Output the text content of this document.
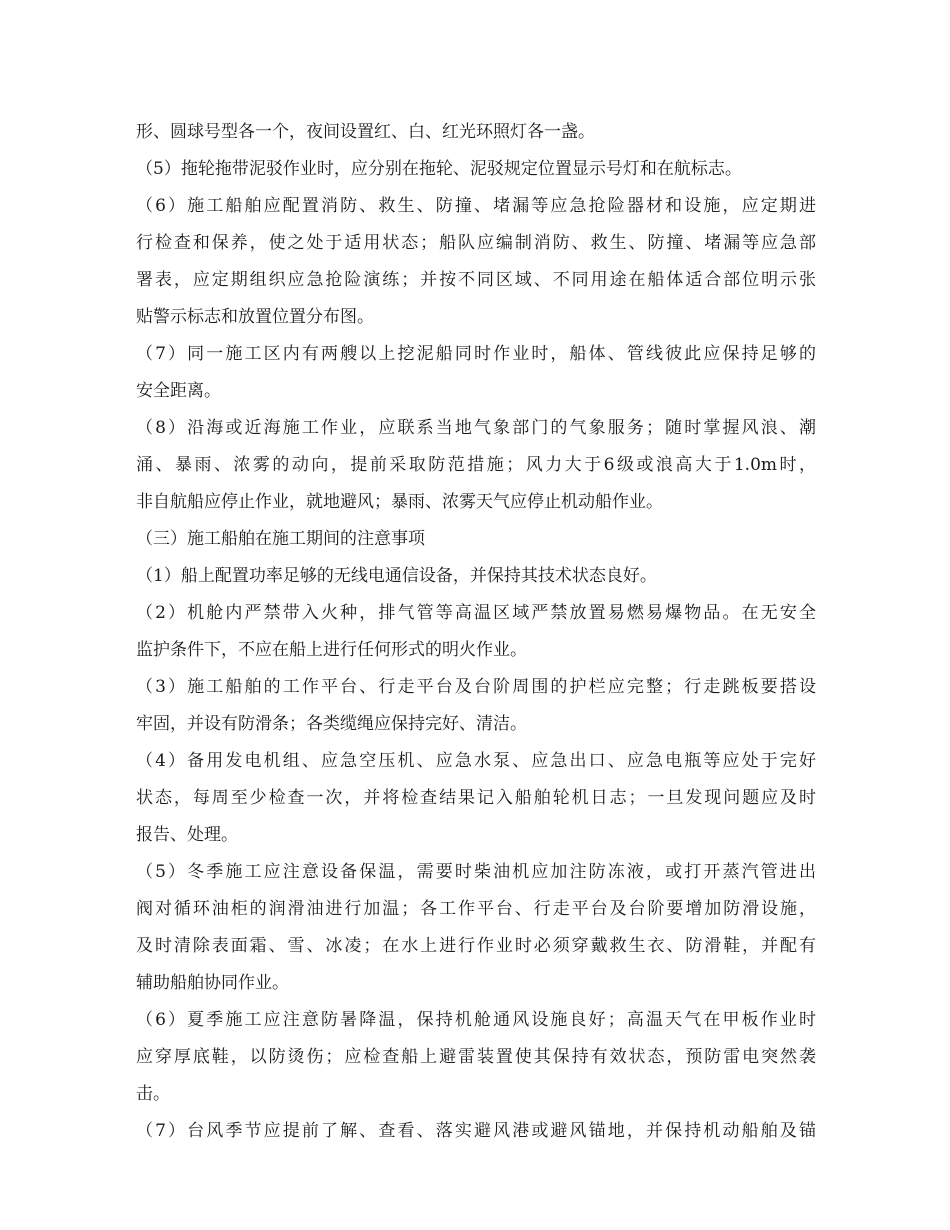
形、圆球号型各一个，夜间设置红、白、红光环照灯各一盏。
（5）拖轮拖带泥驳作业时，应分别在拖轮、泥驳规定位置显示号灯和在航标志。
（6）施工船舶应配置消防、救生、防撞、堵漏等应急抢险器材和设施，应定期进
行检查和保养，使之处于适用状态；船队应编制消防、救生、防撞、堵漏等应急部
署表，应定期组织应急抢险演练；并按不同区域、不同用途在船体适合部位明示张
贴警示标志和放置位置分布图。
（7）同一施工区内有两艘以上挖泥船同时作业时，船体、管线彼此应保持足够的
安全距离。
（8）沿海或近海施工作业，应联系当地气象部门的气象服务；随时掌握风浪、潮
涌、暴雨、浓雾的动向，提前采取防范措施；风力大于6级或浪高大于1.0m时，
非自航船应停止作业，就地避风；暴雨、浓雾天气应停止机动船作业。
（三）施工船舶在施工期间的注意事项
（1）船上配置功率足够的无线电通信设备，并保持其技术状态良好。
（2）机舱内严禁带入火种，排气管等高温区域严禁放置易燃易爆物品。在无安全
监护条件下，不应在船上进行任何形式的明火作业。
（3）施工船舶的工作平台、行走平台及台阶周围的护栏应完整；行走跳板要搭设
牢固，并设有防滑条；各类缆绳应保持完好、清洁。
（4）备用发电机组、应急空压机、应急水泵、应急出口、应急电瓶等应处于完好
状态，每周至少检查一次，并将检查结果记入船舶轮机日志；一旦发现问题应及时
报告、处理。
（5）冬季施工应注意设备保温，需要时柴油机应加注防冻液，或打开蒸汽管进出
阀对循环油柜的润滑油进行加温；各工作平台、行走平台及台阶要增加防滑设施，
及时清除表面霜、雪、冰凌；在水上进行作业时必须穿戴救生衣、防滑鞋，并配有
辅助船舶协同作业。
（6）夏季施工应注意防暑降温，保持机舱通风设施良好；高温天气在甲板作业时
应穿厚底鞋，以防烫伤；应检查船上避雷装置使其保持有效状态，预防雷电突然袭
击。
（7）台风季节应提前了解、查看、落实避风港或避风锚地，并保持机动船舶及锚
